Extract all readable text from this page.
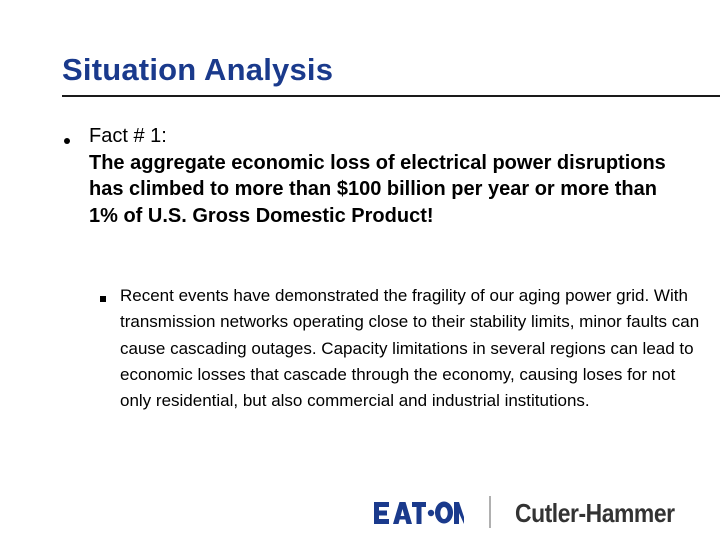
Situation Analysis
Fact # 1:
The aggregate economic loss of electrical power disruptions has climbed to more than $100 billion per year or more than 1% of U.S. Gross Domestic Product!
Recent events have demonstrated the fragility of our aging power grid. With transmission networks operating close to their stability limits, minor faults can cause cascading outages. Capacity limitations in several regions can lead to economic losses that cascade through the economy, causing loses for not only residential, but also commercial and industrial institutions.

Cutler-Hammer
